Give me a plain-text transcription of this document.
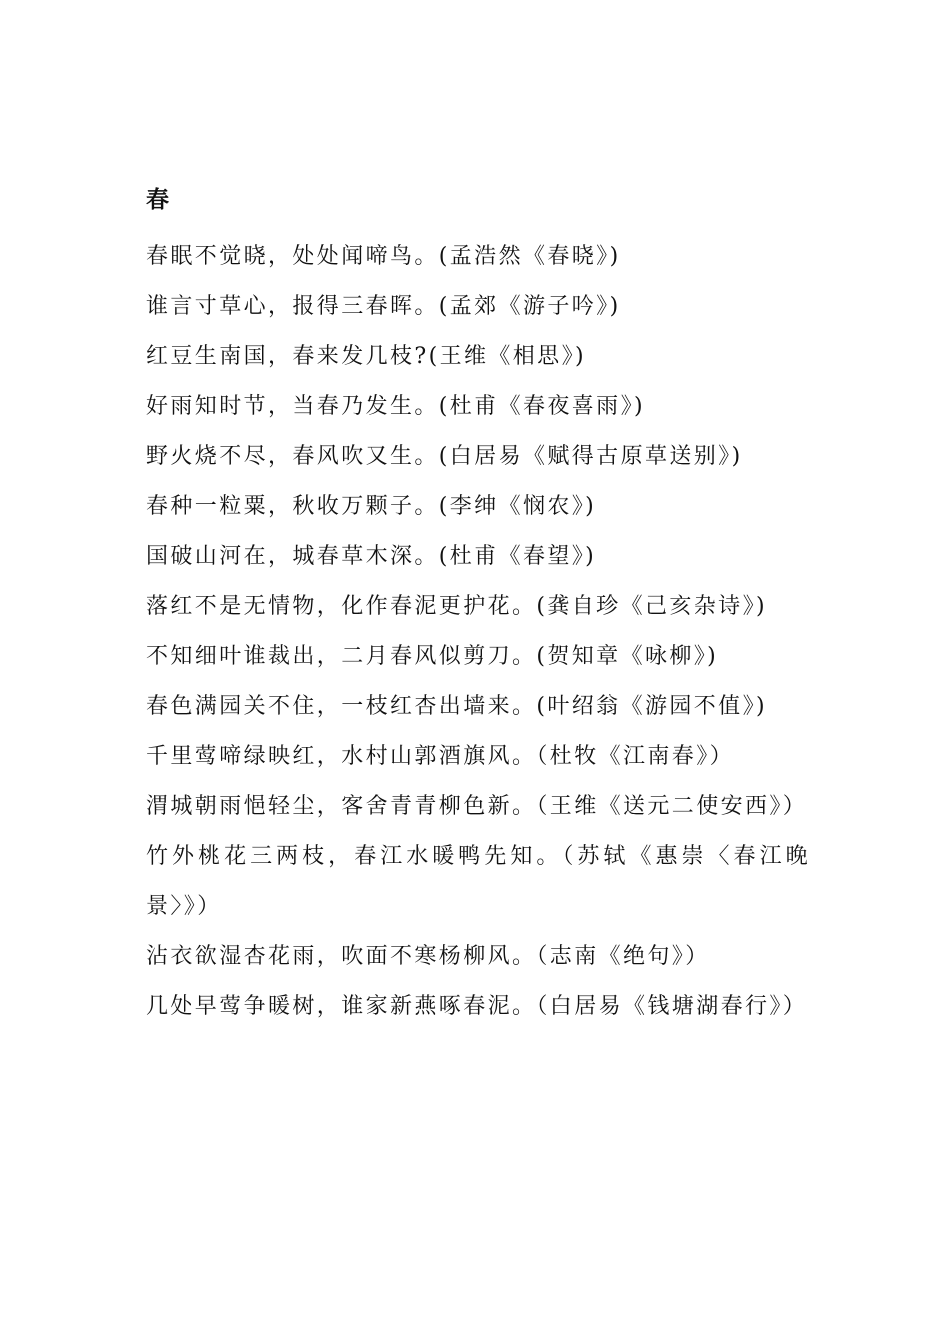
春

春眠不觉晓，处处闻啼鸟。(孟浩然《春晓》)

谁言寸草心，报得三春晖。(孟郊《游子吟》)

红豆生南国，春来发几枝?(王维《相思》)

好雨知时节，当春乃发生。(杜甫《春夜喜雨》)

野火烧不尽，春风吹又生。(白居易《赋得古原草送别》)

春种一粒粟，秋收万颗子。(李绅《悯农》)

国破山河在，城春草木深。(杜甫《春望》)

落红不是无情物，化作春泥更护花。(龚自珍《己亥杂诗》)

不知细叶谁裁出，二月春风似剪刀。(贺知章《咏柳》)

春色满园关不住，一枝红杏出墙来。(叶绍翁《游园不值》)

千里莺啼绿映红，水村山郭酒旗风。（杜牧《江南春》）

渭城朝雨悒轻尘，客舍青青柳色新。（王维《送元二使安西》）

竹外桃花三两枝，春江水暖鸭先知。（苏轼《惠崇〈春江晚景〉》）

沾衣欲湿杏花雨，吹面不寒杨柳风。（志南《绝句》）

几处早莺争暖树，谁家新燕啄春泥。（白居易《钱塘湖春行》）
